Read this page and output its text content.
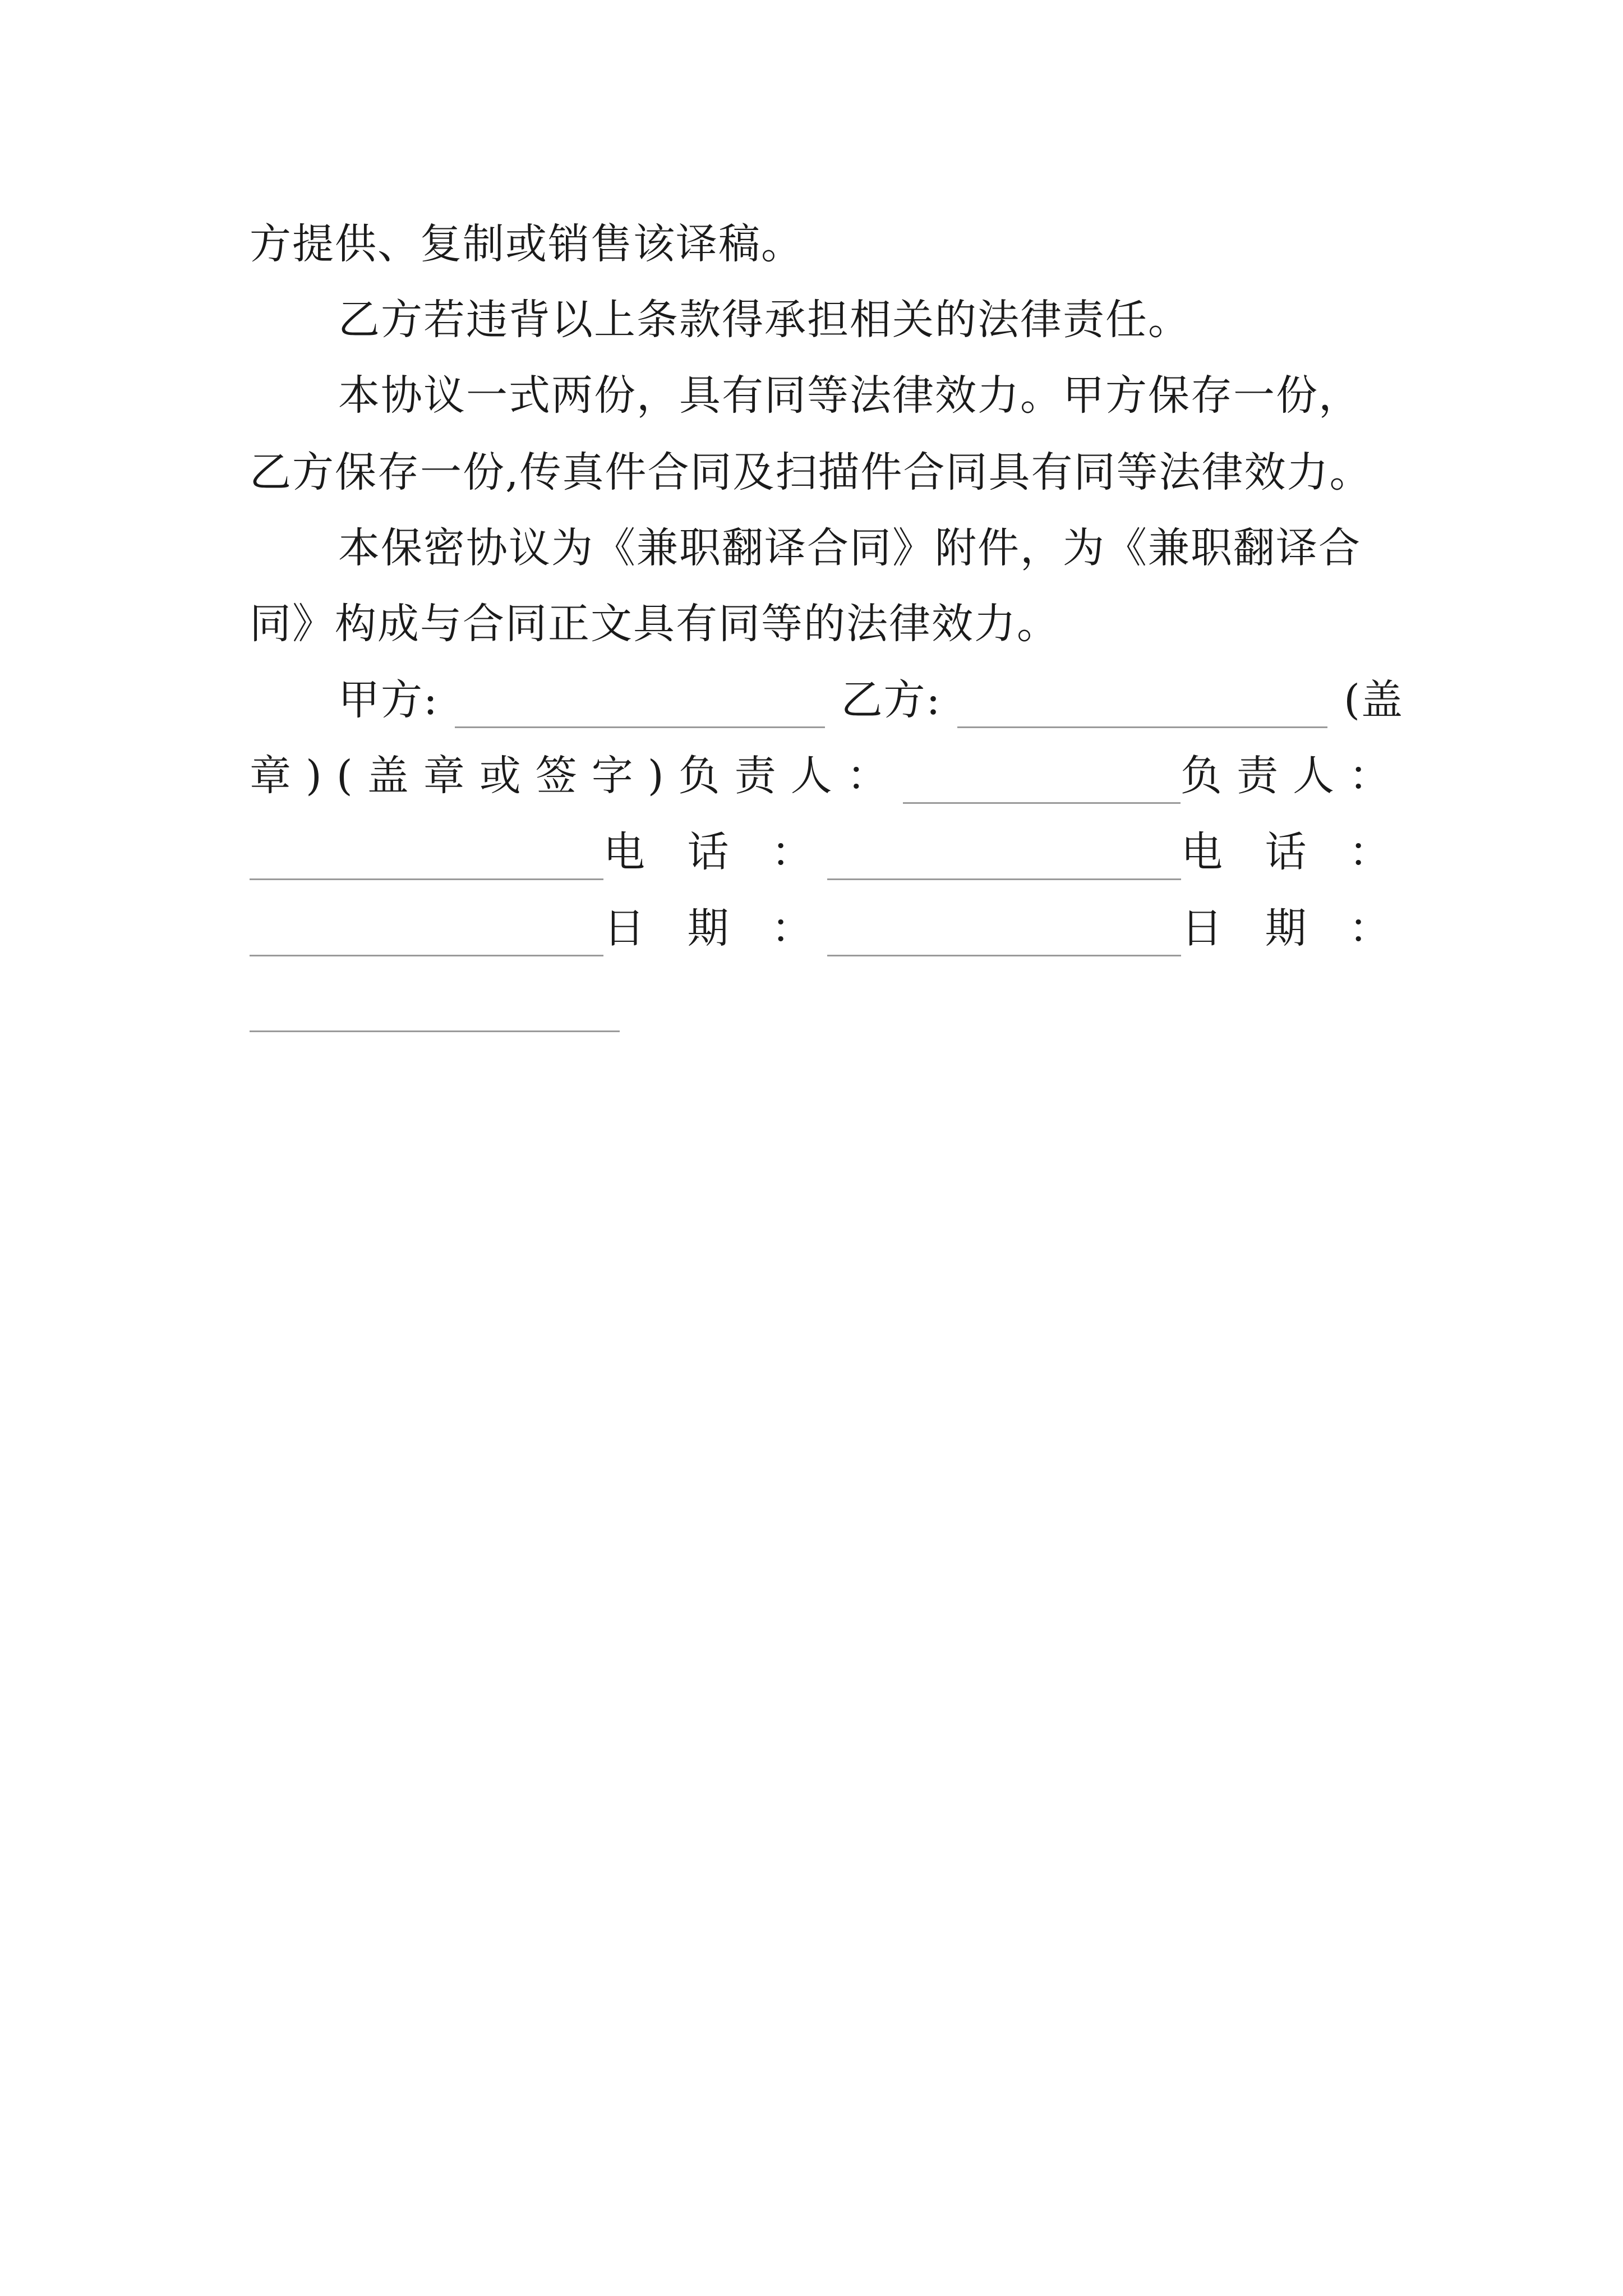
方提供、复制或销售该译稿。
乙方若违背以上条款得承担相关的法律责任。
本协议一式两份，具有同等法律效力。甲方保存一份，
乙方保存一份,传真件合同及扫描件合同具有同等法律效力。
本保密协议为《兼职翻译合同》附件，为《兼职翻译合
同》构成与合同正文具有同等的法律效力。
甲方:	乙方:	(盖
章)(盖章或签字) 负责人：	负责人：
电 话 ：	电 话 ：
日 期 ：	日 期 ：
